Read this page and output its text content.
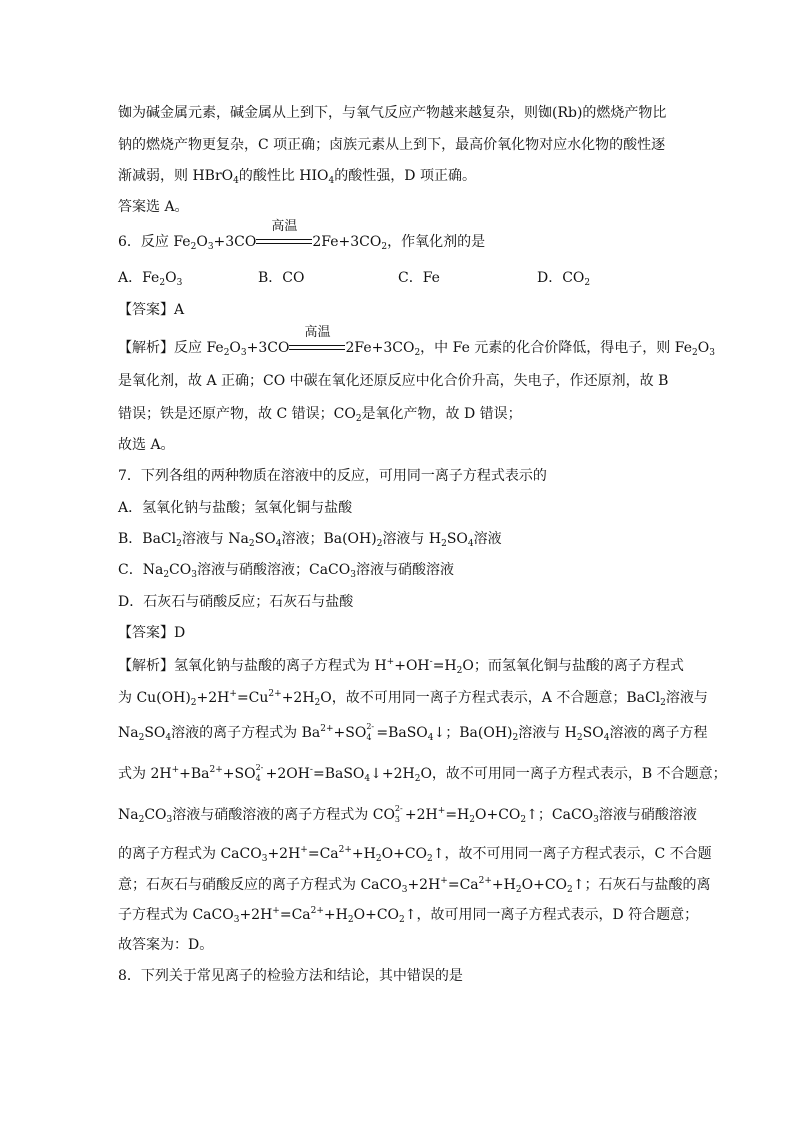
铷为碱金属元素，碱金属从上到下，与氧气反应产物越来越复杂，则铷(Rb)的燃烧产物比
钠的燃烧产物更复杂，C 项正确；卤族元素从上到下，最高价氧化物对应水化物的酸性逐
渐减弱，则 HBrO$_4$的酸性比 $HIO_4$的酸性强，D 项正确。
答案选 A。
6．反应 $Fe_2O_3+3CO$
高温
$2Fe+3CO_2$，作氧化剂的是
A．$Fe_2O_3$	B．CO	C．Fe	D．$CO_2$
【答案】A
【解析】反应 $Fe_2O_3+3CO$
高温
$2Fe+3CO_2$，中 Fe 元素的化合价降低，得电子，则 $Fe_2O_3$
是氧化剂，故 A 正确；CO 中碳在氧化还原反应中化合价升高，失电子，作还原剂，故 B
错误；铁是还原产物，故 C 错误；$CO_2$是氧化产物，故 D 错误；
故选 A。
7．下列各组的两种物质在溶液中的反应，可用同一离子方程式表示的
A．氢氧化钠与盐酸；氢氧化铜与盐酸
B．BaCl$_2$溶液与 $Na_2SO_4$溶液；$Ba(OH)_2$溶液与 $H_2SO_4$溶液
C．$Na_2CO_3$溶液与硝酸溶液；CaCO$_3$溶液与硝酸溶液
D．石灰石与硝酸反应；石灰石与盐酸
【答案】D
【解析】氢氧化钠与盐酸的离子方程式为 $H^++OH^-=H_2O$；而氢氧化铜与盐酸的离子方程式
为 $Cu(OH)_2+2H^+=Cu^{2+}+2H_2O$，故不可用同一离子方程式表示，A 不合题意；BaCl$_2$溶液与
$Na_2SO_4$溶液的离子方程式为 $Ba^{2+}+SO$ 2-
4 =BaSO$_4$↓；$Ba(OH)_2$溶液与 $H_2SO_4$溶液的离子方程
式为 $2H^++Ba^{2+}+SO$ 2-
$4 +2OH^-=BaSO_4↓+2H_2O$，故不可用同一离子方程式表示，B 不合题意；
$Na_2CO_3$溶液与硝酸溶液的离子方程式为 CO 2-
$3 +2H^+=H_2O+CO_2↑$；CaCO$_3$溶液与硝酸溶液
的离子方程式为 $CaCO_3+2H^+=Ca^{2+}+H_2O+CO_2↑$，故不可用同一离子方程式表示，C 不合题
意；石灰石与硝酸反应的离子方程式为 $CaCO_3+2H^+=Ca^{2+}+H_2O+CO_2↑$；石灰石与盐酸的离
子方程式为 $CaCO_3+2H^+=Ca^{2+}+H_2O+CO_2↑$，故可用同一离子方程式表示，D 符合题意；
故答案为：D。
8．下列关于常见离子的检验方法和结论，其中错误的是
